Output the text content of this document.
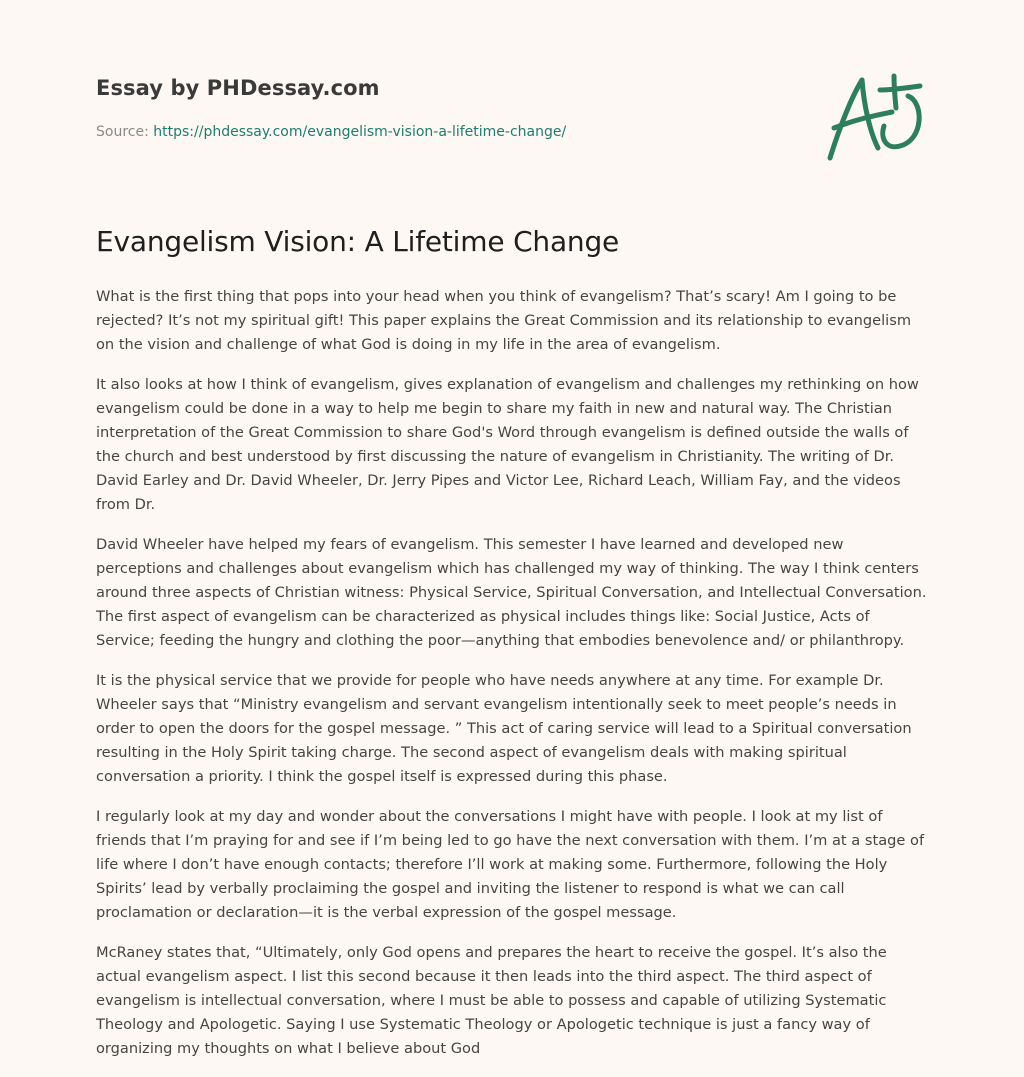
Essay by PHDessay.com
Source: https://phdessay.com/evangelism-vision-a-lifetime-change/
Evangelism Vision: A Lifetime Change

What is the first thing that pops into your head when you think of evangelism? That’s scary! Am I going to be rejected? It’s not my spiritual gift! This paper explains the Great Commission and its relationship to evangelism on the vision and challenge of what God is doing in my life in the area of evangelism.

It also looks at how I think of evangelism, gives explanation of evangelism and challenges my rethinking on how evangelism could be done in a way to help me begin to share my faith in new and natural way. The Christian interpretation of the Great Commission to share God's Word through evangelism is defined outside the walls of the church and best understood by first discussing the nature of evangelism in Christianity. The writing of Dr. David Earley and Dr. David Wheeler, Dr. Jerry Pipes and Victor Lee, Richard Leach, William Fay, and the videos from Dr.

David Wheeler have helped my fears of evangelism. This semester I have learned and developed new perceptions and challenges about evangelism which has challenged my way of thinking. The way I think centers around three aspects of Christian witness: Physical Service, Spiritual Conversation, and Intellectual Conversation. The first aspect of evangelism can be characterized as physical includes things like: Social Justice, Acts of Service; feeding the hungry and clothing the poor—anything that embodies benevolence and/ or philanthropy.

It is the physical service that we provide for people who have needs anywhere at any time. For example Dr. Wheeler says that “Ministry evangelism and servant evangelism intentionally seek to meet people’s needs in order to open the doors for the gospel message. ” This act of caring service will lead to a Spiritual conversation resulting in the Holy Spirit taking charge. The second aspect of evangelism deals with making spiritual conversation a priority. I think the gospel itself is expressed during this phase.

I regularly look at my day and wonder about the conversations I might have with people. I look at my list of friends that I’m praying for and see if I’m being led to go have the next conversation with them. I’m at a stage of life where I don’t have enough contacts; therefore I’ll work at making some. Furthermore, following the Holy Spirits’ lead by verbally proclaiming the gospel and inviting the listener to respond is what we can call proclamation or declaration—it is the verbal expression of the gospel message.

McRaney states that, “Ultimately, only God opens and prepares the heart to receive the gospel. It’s also the actual evangelism aspect. I list this second because it then leads into the third aspect. The third aspect of evangelism is intellectual conversation, where I must be able to possess and capable of utilizing Systematic Theology and Apologetic. Saying I use Systematic Theology or Apologetic technique is just a fancy way of organizing my thoughts on what I believe about God
